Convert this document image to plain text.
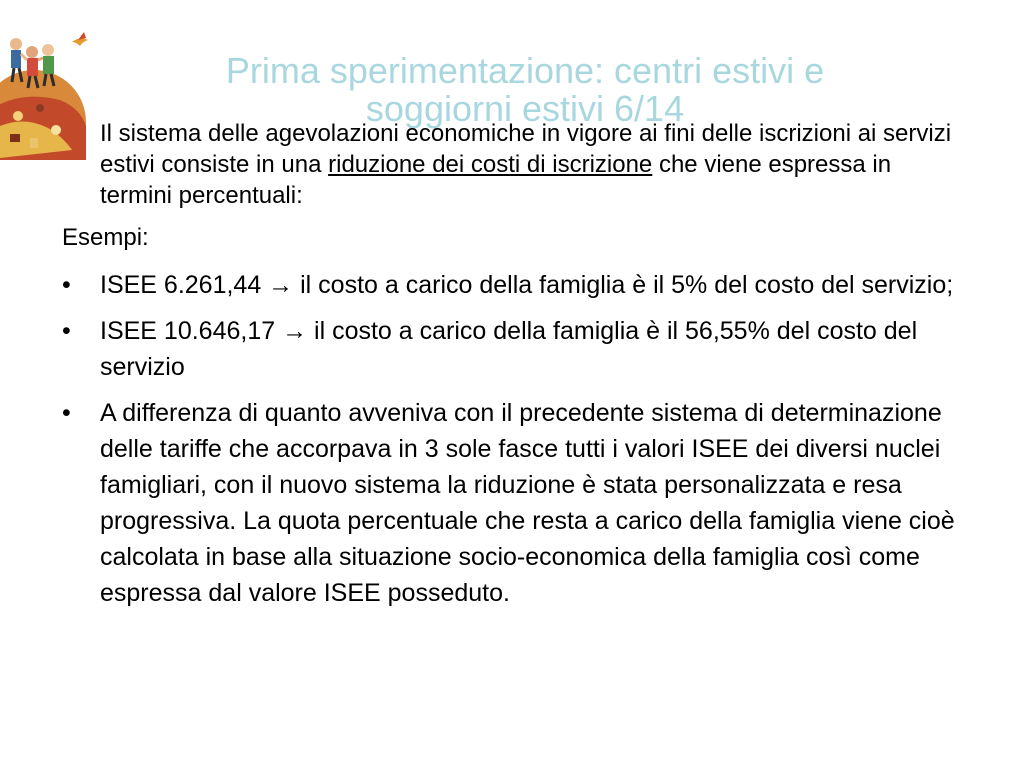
Prima sperimentazione: centri estivi e
soggiorni estivi 6/14

Il sistema delle agevolazioni economiche in vigore ai fini delle iscrizioni ai servizi estivi consiste in una riduzione dei costi di iscrizione che viene espressa in termini percentuali:

Esempi:

•	ISEE 6.261,44 → il costo a carico della famiglia è il 5% del costo del servizio;
•	ISEE 10.646,17 → il costo a carico della famiglia è il 56,55% del costo del servizio
•	A differenza di quanto avveniva con il precedente sistema di determinazione delle tariffe che accorpava in 3 sole fasce tutti i valori ISEE dei diversi nuclei famigliari, con il nuovo sistema la riduzione è stata personalizzata e resa progressiva. La quota percentuale che resta a carico della famiglia viene cioè calcolata in base alla situazione socio-economica della famiglia così come espressa dal valore ISEE posseduto.
